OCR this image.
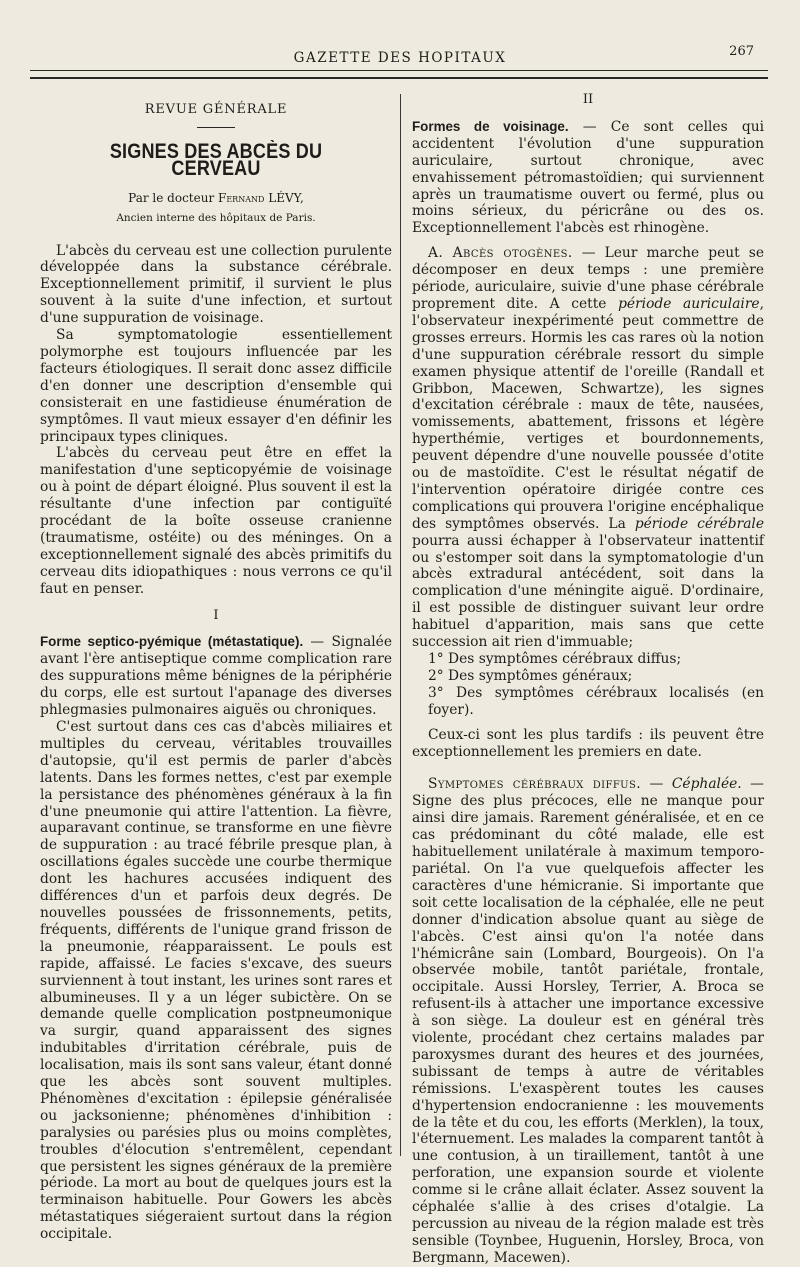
GAZETTE DES HOPITAUX	267
REVUE GÉNÉRALE
SIGNES DES ABCÈS DU CERVEAU
Par le docteur Fernand LÉVY,
Ancien interne des hôpitaux de Paris.

L'abcès du cerveau est une collection purulente développée dans la substance cérébrale. Exceptionnellement primitif, il survient le plus souvent à la suite d'une infection, et surtout d'une suppuration de voisinage.

Sa symptomatologie essentiellement polymorphe est toujours influencée par les facteurs étiologiques. Il serait donc assez difficile d'en donner une description d'ensemble qui consisterait en une fastidieuse énumération de symptômes. Il vaut mieux essayer d'en définir les principaux types cliniques.

L'abcès du cerveau peut être en effet la manifestation d'une septicopyémie de voisinage ou à point de départ éloigné. Plus souvent il est la résultante d'une infection par contiguïté procédant de la boîte osseuse cranienne (traumatisme, ostéite) ou des méninges. On a exceptionnellement signalé des abcès primitifs du cerveau dits idiopathiques : nous verrons ce qu'il faut en penser.

I

Forme septico-pyémique (métastatique). — Signalée avant l'ère antiseptique comme complication rare des suppurations même bénignes de la périphérie du corps, elle est surtout l'apanage des diverses phlegmasies pulmonaires aiguës ou chroniques.

C'est surtout dans ces cas d'abcès miliaires et multiples du cerveau, véritables trouvailles d'autopsie, qu'il est permis de parler d'abcès latents. Dans les formes nettes, c'est par exemple la persistance des phénomènes généraux à la fin d'une pneumonie qui attire l'attention. La fièvre, auparavant continue, se transforme en une fièvre de suppuration : au tracé fébrile presque plan, à oscillations égales succède une courbe thermique dont les hachures accusées indiquent des différences d'un et parfois deux degrés. De nouvelles poussées de frissonnements, petits, fréquents, différents de l'unique grand frisson de la pneumonie, réapparaissent. Le pouls est rapide, affaissé. Le facies s'excave, des sueurs surviennent à tout instant, les urines sont rares et albumineuses. Il y a un léger subictère. On se demande quelle complication postpneumonique va surgir, quand apparaissent des signes indubitables d'irritation cérébrale, puis de localisation, mais ils sont sans valeur, étant donné que les abcès sont souvent multiples. Phénomènes d'excitation : épilepsie généralisée ou jacksonienne; phénomènes d'inhibition : paralysies ou parésies plus ou moins complètes, troubles d'élocution s'entremêlent, cependant que persistent les signes généraux de la première période. La mort au bout de quelques jours est la terminaison habituelle. Pour Gowers les abcès métastatiques siégeraient surtout dans la région occipitale.

II

Formes de voisinage. — Ce sont celles qui accidentent l'évolution d'une suppuration auriculaire, surtout chronique, avec envahissement pétromastoïdien; qui surviennent après un traumatisme ouvert ou fermé, plus ou moins sérieux, du péricrâne ou des os. Exceptionnellement l'abcès est rhinogène.

A. Abcès otogènes. — Leur marche peut se décomposer en deux temps : une première période, auriculaire, suivie d'une phase cérébrale proprement dite. A cette période auriculaire, l'observateur inexpérimenté peut commettre de grosses erreurs. Hormis les cas rares où la notion d'une suppuration cérébrale ressort du simple examen physique attentif de l'oreille (Randall et Gribbon, Macewen, Schwartze), les signes d'excitation cérébrale : maux de tête, nausées, vomissements, abattement, frissons et légère hyperthémie, vertiges et bourdonnements, peuvent dépendre d'une nouvelle poussée d'otite ou de mastoïdite. C'est le résultat négatif de l'intervention opératoire dirigée contre ces complications qui prouvera l'origine encéphalique des symptômes observés. La période cérébrale pourra aussi échapper à l'observateur inattentif ou s'estomper soit dans la symptomatologie d'un abcès extradural antécédent, soit dans la complication d'une méningite aiguë. D'ordinaire, il est possible de distinguer suivant leur ordre habituel d'apparition, mais sans que cette succession ait rien d'immuable;

1° Des symptômes cérébraux diffus;

2° Des symptômes généraux;

3° Des symptômes cérébraux localisés (en foyer).

Ceux-ci sont les plus tardifs : ils peuvent être exceptionnellement les premiers en date.

Symptomes cérébraux diffus. — Céphalée. — Signe des plus précoces, elle ne manque pour ainsi dire jamais. Rarement généralisée, et en ce cas prédominant du côté malade, elle est habituellement unilatérale à maximum temporo-pariétal. On l'a vue quelquefois affecter les caractères d'une hémicranie. Si importante que soit cette localisation de la céphalée, elle ne peut donner d'indication absolue quant au siège de l'abcès. C'est ainsi qu'on l'a notée dans l'hémicrâne sain (Lombard, Bourgeois). On l'a observée mobile, tantôt pariétale, frontale, occipitale. Aussi Horsley, Terrier, A. Broca se refusent-ils à attacher une importance excessive à son siège. La douleur est en général très violente, procédant chez certains malades par paroxysmes durant des heures et des journées, subissant de temps à autre de véritables rémissions. L'exaspèrent toutes les causes d'hypertension endocranienne : les mouvements de la tête et du cou, les efforts (Merklen), la toux, l'éternuement. Les malades la comparent tantôt à une contusion, à un tiraillement, tantôt à une perforation, une expansion sourde et violente comme si le crâne allait éclater. Assez souvent la céphalée s'allie à des crises d'otalgie. La percussion au niveau de la région malade est très sensible (Toynbee, Huguenin, Horsley, Broca, von Bergmann, Macewen).
